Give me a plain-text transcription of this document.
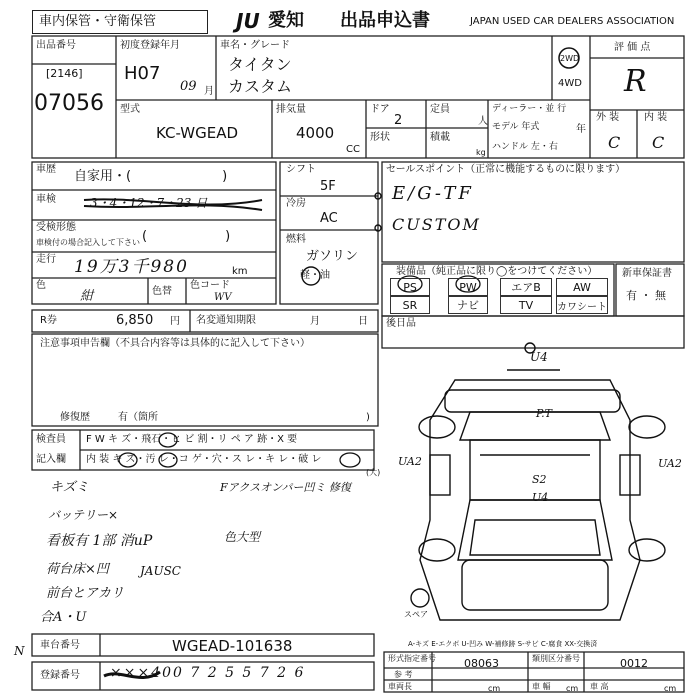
車内保管・守衛保管	JU 愛知 出品申込書	JAPAN USED CAR DEALERS ASSOCIATION
出品番号
[2146]
07056
初度登録年月
H07
09 月
車名・グレード
タイタン
カスタム
2WD
4WD
評 価 点
R
外 装 内 装
C C
型式
KC-WGEAD
排気量
4000
CC
ドア
2
形状
定員
人
積載
kg
ディーラー・並 行
モデル 年式	年
ハンドル 左・右
車歴 自家用・(　　　　　　　)
車検	3・4・12・7・23 日
受検形態
車検付の場合記入して下さい (　　　　　　)
走行 19万3千980	km
色
紺	色替
色コード
WV
シフト
5F
冷房
AC
燃料
ガソリン
軽・油
セールスポイント（正常に機能するものに限ります）
E/G-TF
CUSTOM
装備品（純正品に限り◯をつけてください）
PS	PW	エアB	AW
SR	ナビ	TV	カワシート
新車保証書
有 ・ 無
R券	6,850 円 名変通知期限	月	日 後日品
注意事項申告欄（不具合内容等は具体的に記入して下さい）
修復歴	有（箇所	)
検査員
記入欄
F W キ ズ・飛石・ヒ ビ 割・リ ペ ア 跡・X 要
内 装 キ ズ・汚 レ・コ ゲ・穴・ス レ・キ レ・破 レ
(大)
キズミ	Fアクスオンパー凹ミ 修復
バッテリー×
看板有 1部 消uP	色大型
荷台床×凹	JAUSC
前台とアカリ
合A・U
U4
P.T
S2
U4
UA2	UA2
スペア
A-キズ E-エクボ U-凹み W-補修跡 S-サビ C-腐食 XX-交換済
車台番号	WGEAD-101638
登録番号 ×××400 7 2 5 5 7 2 6
形式指定番号	類別区分番号
参 考
08063	0012
車両長	cm	車 幅 cm 車 高	cm
N
